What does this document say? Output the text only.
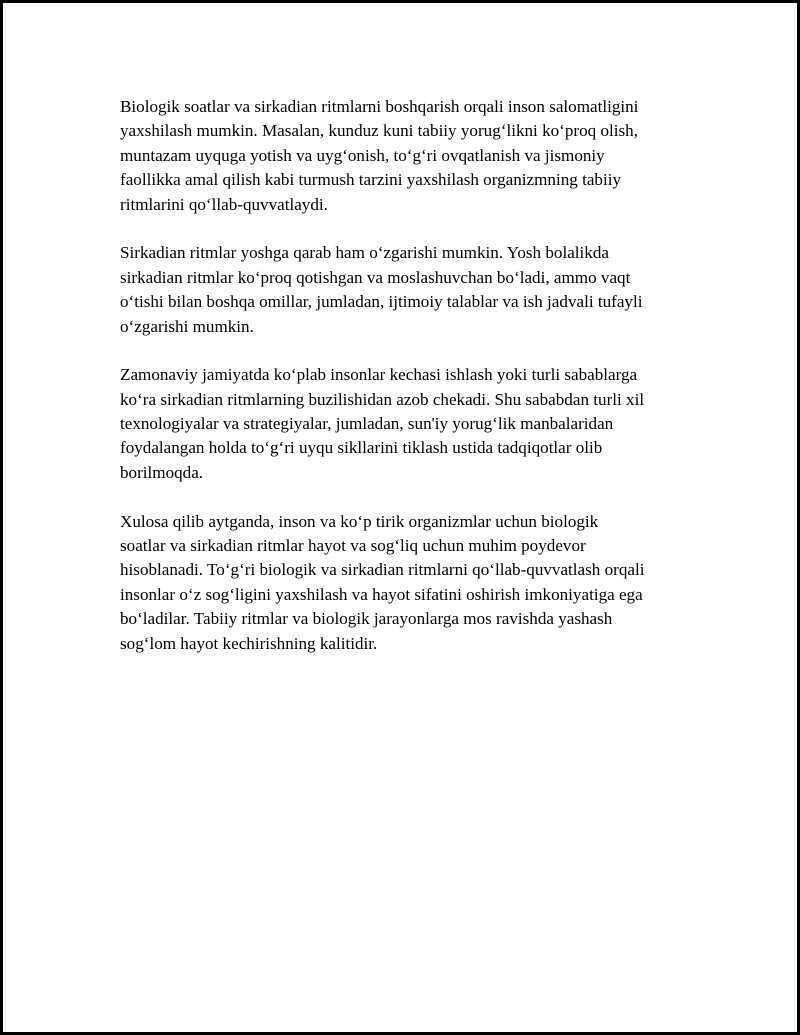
Biologik soatlar va sirkadian ritmlarni boshqarish orqali inson salomatligini
yaxshilash mumkin. Masalan, kunduz kuni tabiiy yorug‘likni ko‘proq olish,
muntazam uyquga yotish va uyg‘onish, to‘g‘ri ovqatlanish va jismoniy
faollikka amal qilish kabi turmush tarzini yaxshilash organizmning tabiiy
ritmlarini qo‘llab-quvvatlaydi.

Sirkadian ritmlar yoshga qarab ham o‘zgarishi mumkin. Yosh bolalikda
sirkadian ritmlar ko‘proq qotishgan va moslashuvchan bo‘ladi, ammo vaqt
o‘tishi bilan boshqa omillar, jumladan, ijtimoiy talablar va ish jadvali tufayli
o‘zgarishi mumkin.

Zamonaviy jamiyatda ko‘plab insonlar kechasi ishlash yoki turli sabablarga
ko‘ra sirkadian ritmlarning buzilishidan azob chekadi. Shu sababdan turli xil
texnologiyalar va strategiyalar, jumladan, sun'iy yorug‘lik manbalaridan
foydalangan holda to‘g‘ri uyqu sikllarini tiklash ustida tadqiqotlar olib
borilmoqda.

Xulosa qilib aytganda, inson va ko‘p tirik organizmlar uchun biologik
soatlar va sirkadian ritmlar hayot va sog‘liq uchun muhim poydevor
hisoblanadi. To‘g‘ri biologik va sirkadian ritmlarni qo‘llab-quvvatlash orqali
insonlar o‘z sog‘ligini yaxshilash va hayot sifatini oshirish imkoniyatiga ega
bo‘ladilar. Tabiiy ritmlar va biologik jarayonlarga mos ravishda yashash
sog‘lom hayot kechirishning kalitidir.
